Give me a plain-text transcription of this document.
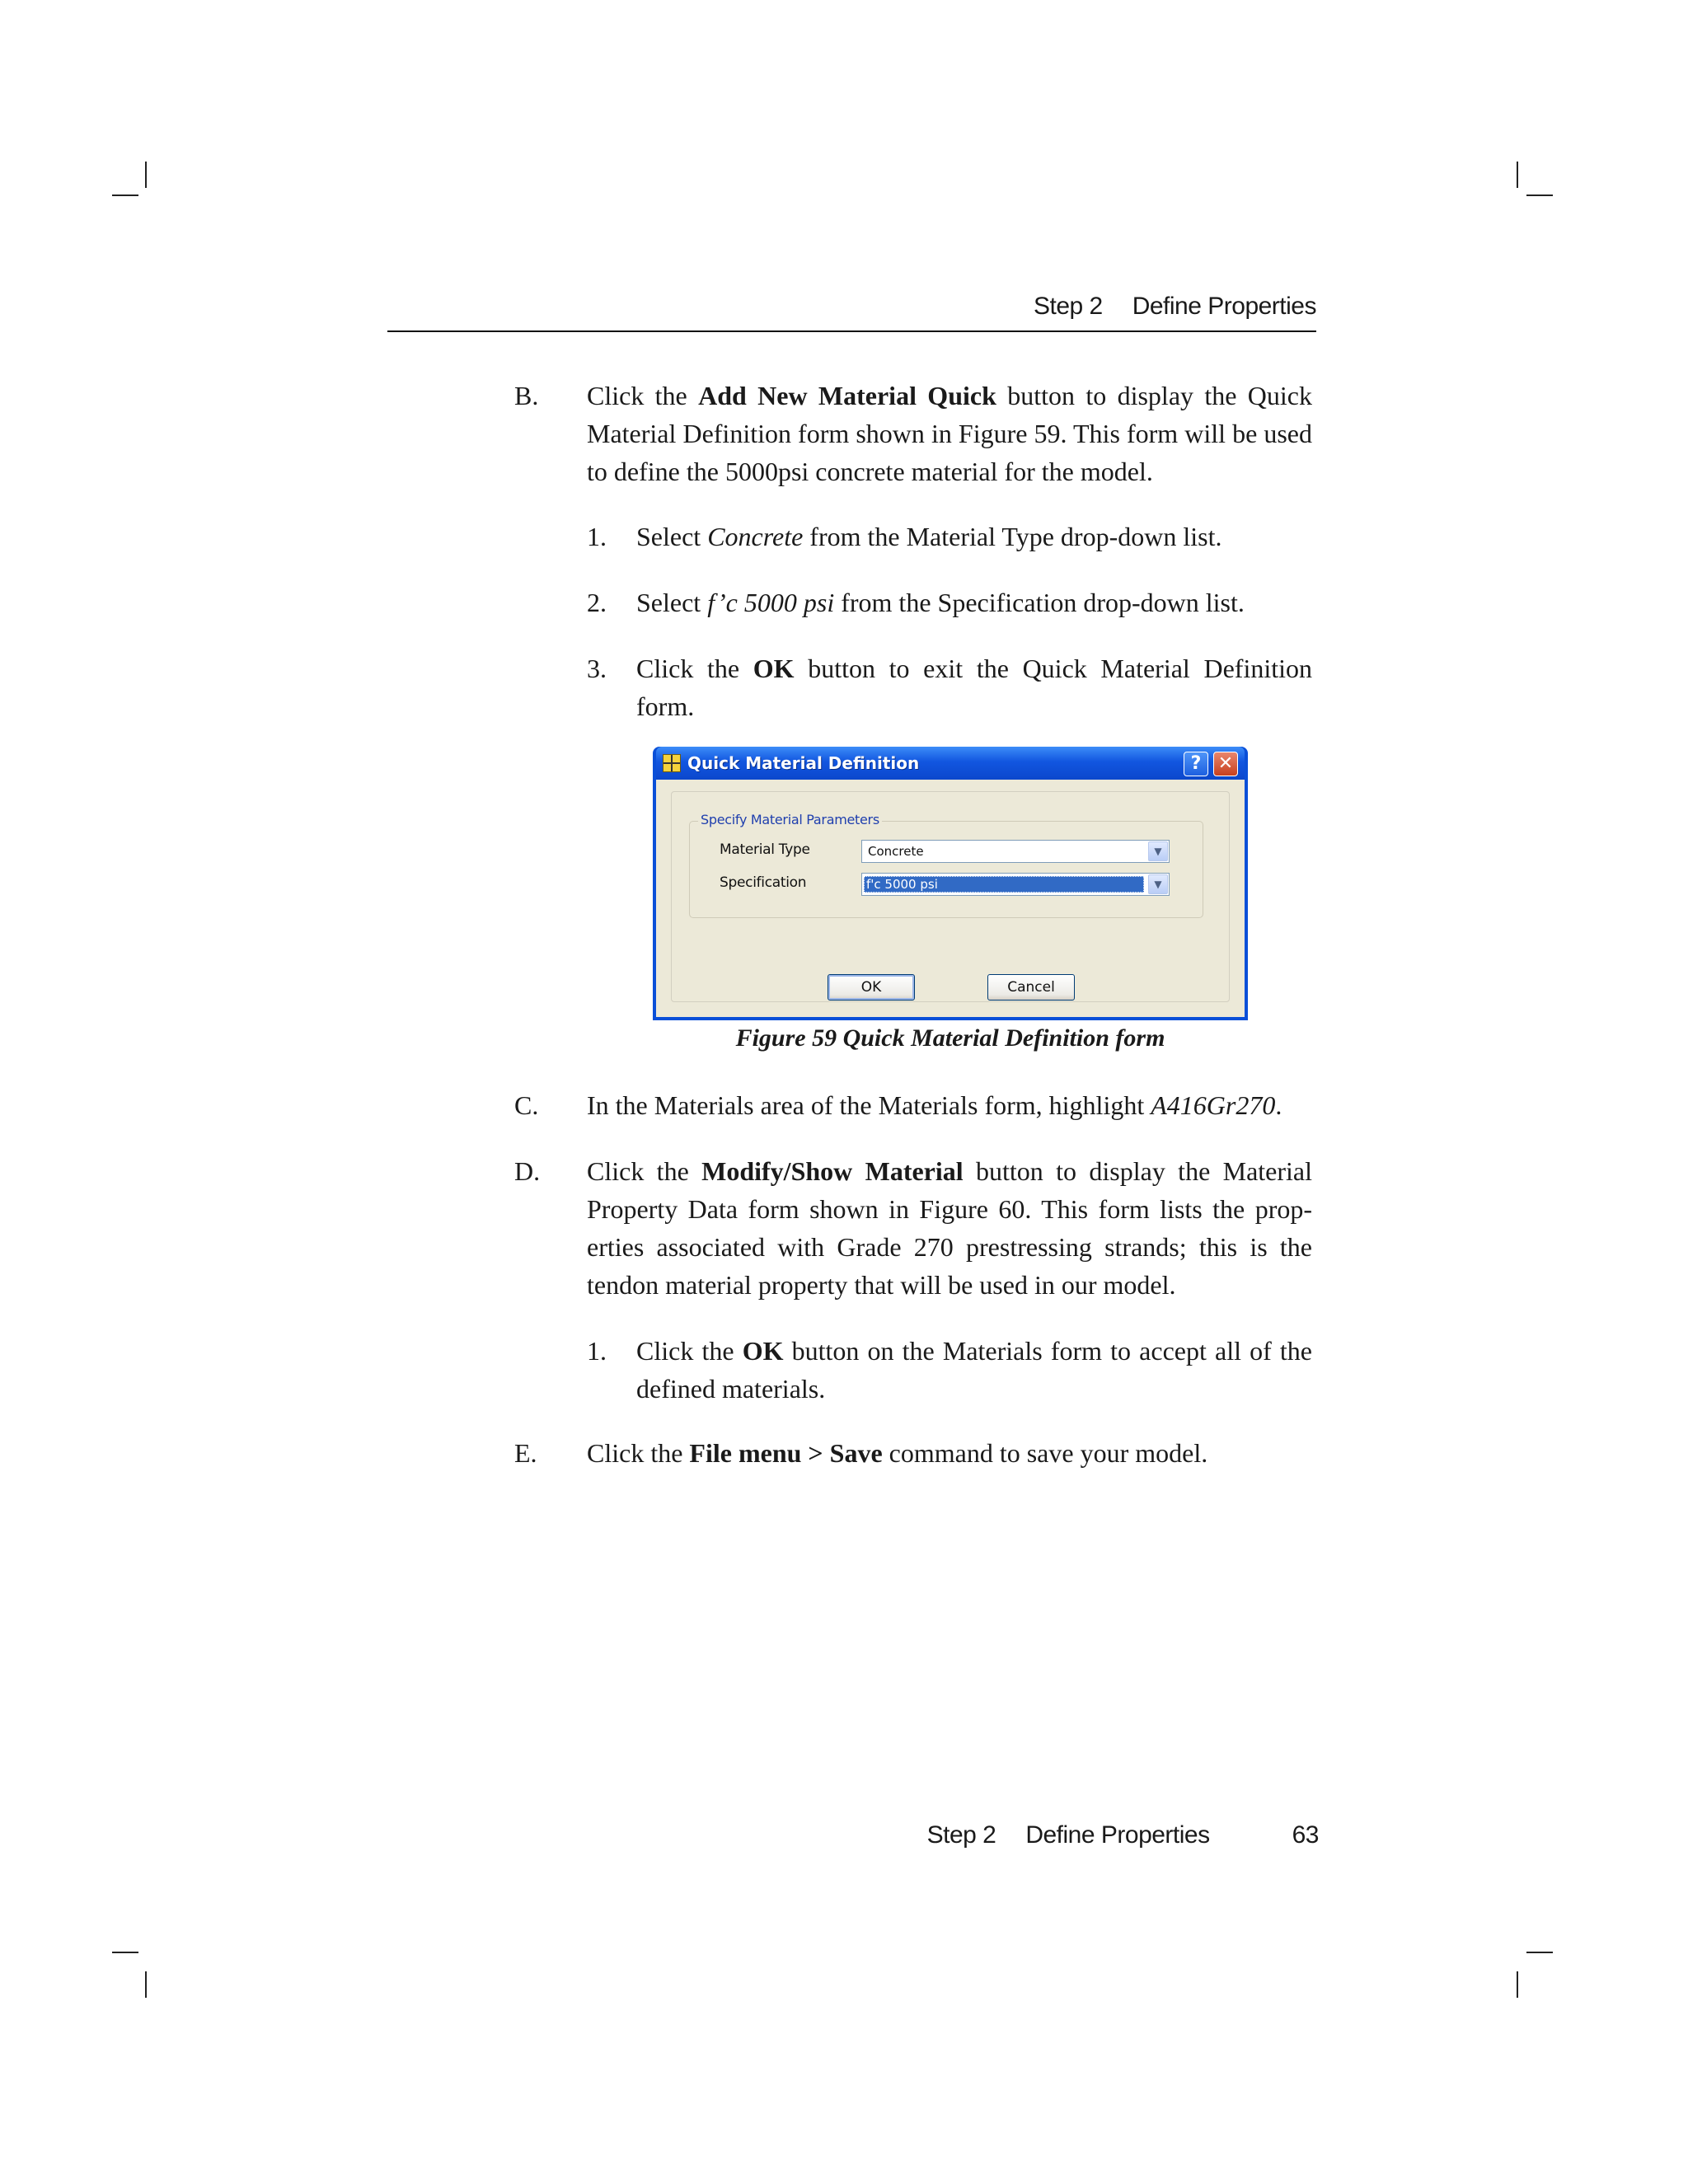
Step 2 Define Properties
B. Click the Add New Material Quick button to display the Quick Material Definition form shown in Figure 59. This form will be used to define the 5000psi concrete material for the model.
1. Select Concrete from the Material Type drop-down list.
2. Select f’c 5000 psi from the Specification drop-down list.
3. Click the OK button to exit the Quick Material Definition form.
Quick Material Definition	? ✕
Specify Material Parameters
Material Type	Concrete	▼
Specification	f'c 5000 psi	▼
OK	Cancel
Figure 59 Quick Material Definition form
C. In the Materials area of the Materials form, highlight A416Gr270.
D. Click the Modify/Show Material button to display the Material Property Data form shown in Figure 60. This form lists the prop-erties associated with Grade 270 prestressing strands; this is the tendon material property that will be used in our model.
1. Click the OK button on the Materials form to accept all of the defined materials.
E. Click the File menu > Save command to save your model.
Step 2 Define Properties	63
